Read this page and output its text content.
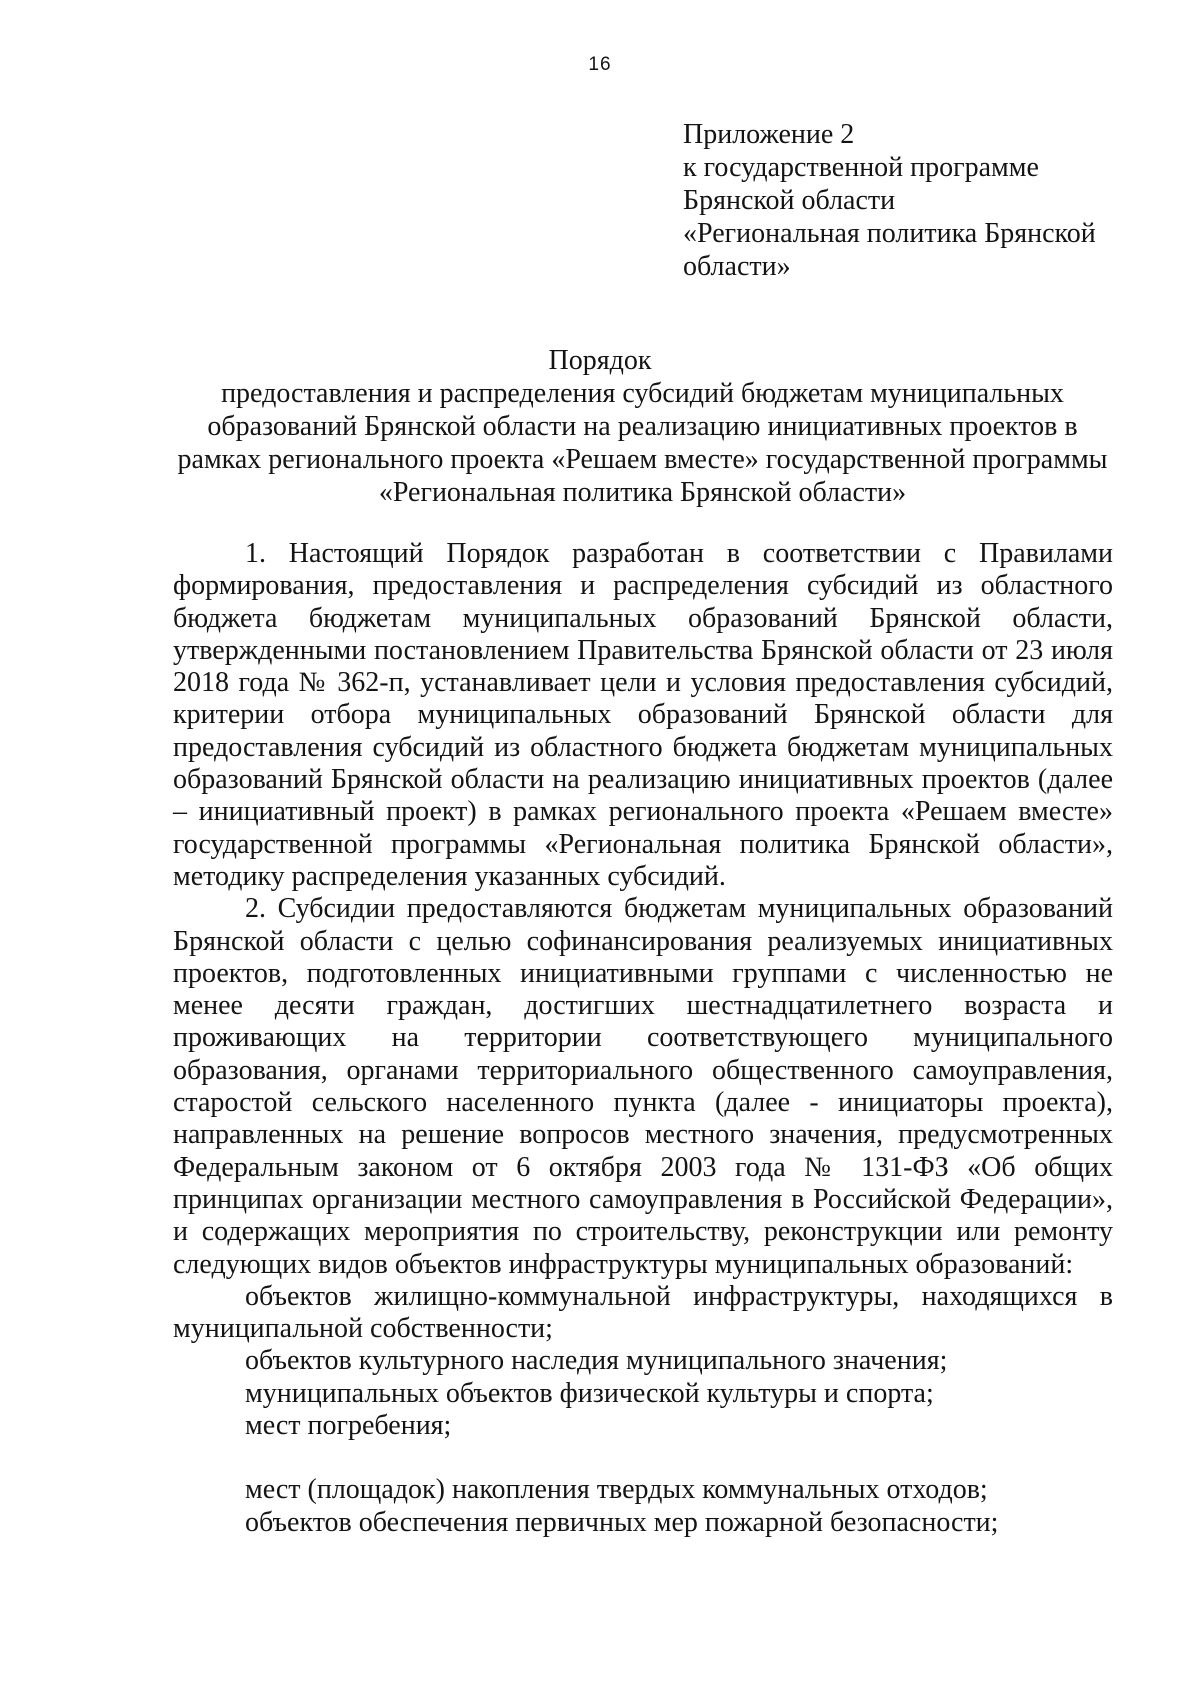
16
Приложение 2
к государственной программе
Брянской области
«Региональная политика Брянской
области»
Порядок
предоставления и распределения субсидий бюджетам муниципальных
образований Брянской области на реализацию инициативных проектов в
рамках регионального проекта «Решаем вместе» государственной программы
«Региональная политика Брянской области»

1. Настоящий Порядок разработан в соответствии с Правилами формирования, предоставления и распределения субсидий из областного бюджета бюджетам муниципальных образований Брянской области, утвержденными постановлением Правительства Брянской области от 23 июля 2018 года № 362-п, устанавливает цели и условия предоставления субсидий, критерии отбора муниципальных образований Брянской области для предоставления субсидий из областного бюджета бюджетам муниципальных образований Брянской области на реализацию инициативных проектов (далее – инициативный проект) в рамках регионального проекта «Решаем вместе» государственной программы «Региональная политика Брянской области», методику распределения указанных субсидий.

2. Субсидии предоставляются бюджетам муниципальных образований Брянской области с целью софинансирования реализуемых инициативных проектов, подготовленных инициативными группами с численностью не менее десяти граждан, достигших шестнадцатилетнего возраста и проживающих на территории соответствующего муниципального образования, органами территориального общественного самоуправления, старостой сельского населенного пункта (далее - инициаторы проекта), направленных на решение вопросов местного значения, предусмотренных Федеральным законом от 6 октября 2003 года № 131-ФЗ «Об общих принципах организации местного самоуправления в Российской Федерации», и содержащих мероприятия по строительству, реконструкции или ремонту следующих видов объектов инфраструктуры муниципальных образований:

объектов жилищно-коммунальной инфраструктуры, находящихся в муниципальной собственности;

объектов культурного наследия муниципального значения;

муниципальных объектов физической культуры и спорта;

мест погребения;

мест (площадок) накопления твердых коммунальных отходов;

объектов обеспечения первичных мер пожарной безопасности;
